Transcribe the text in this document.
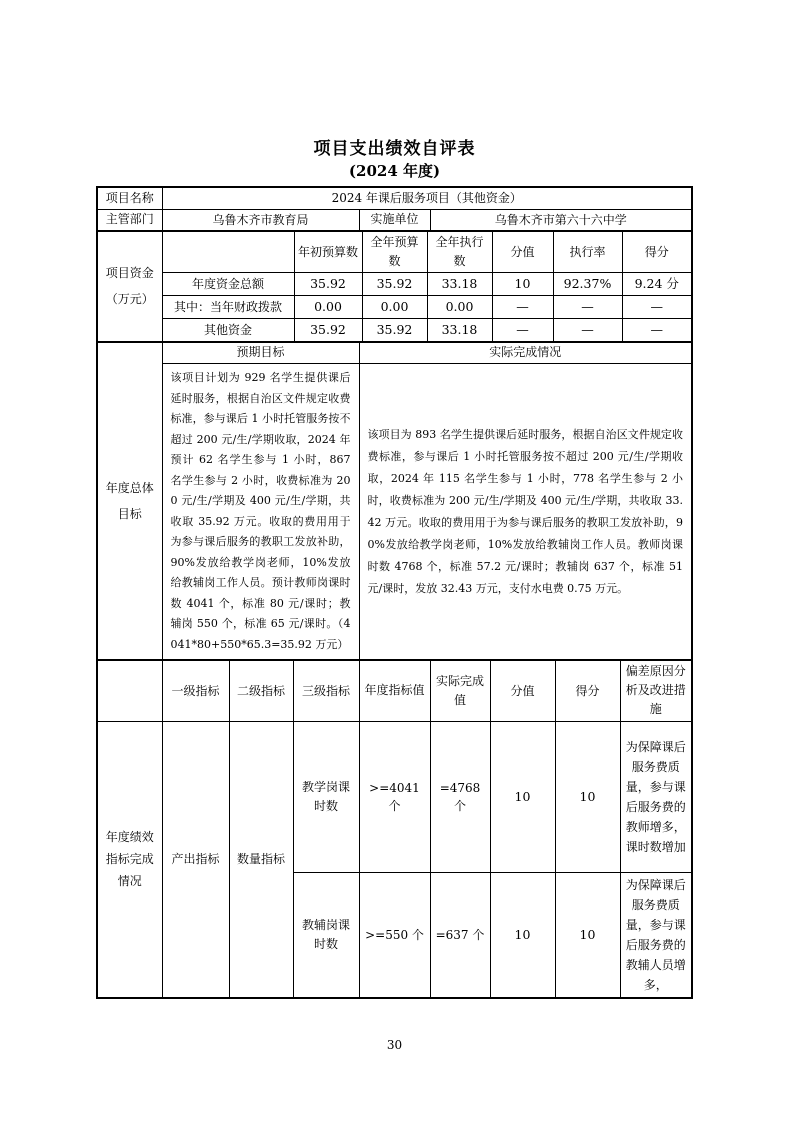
项目支出绩效自评表
(2024 年度)
项目名称	2024 年课后服务项目（其他资金）		
主管部门	乌鲁木齐市教育局	实施单位	乌鲁木齐市第六十六中学
项目资金（万元）		年初预算数	全年预算数	全年执行数	分值	执行率	得分
	年度资金总额	35.92	35.92	33.18	10	92.37%	9.24 分
	其中：当年财政拨款	0.00	0.00	0.00	—	—	—
	其他资金	35.92	35.92	33.18	—	—	—
年度总体目标	预期目标	实际完成情况
该项目计划为 929 名学生提供课后延时服务，根据自治区文件规定收费标准，参与课后 1 小时托管服务按不超过 200 元/生/学期收取，2024 年预计 62 名学生参与 1 小时，867 名学生参与 2 小时，收费标准为 200 元/生/学期及 400 元/生/学期，共收取 35.92 万元。收取的费用用于为参与课后服务的教职工发放补助，90%发放给教学岗老师，10%发放给教辅岗工作人员。预计教师岗课时数 4041 个，标准 80 元/课时；教辅岗 550 个，标准 65 元/课时。（4041*80+550*65.3=35.92 万元）	该项目为 893 名学生提供课后延时服务，根据自治区文件规定收费标准，参与课后 1 小时托管服务按不超过 200 元/生/学期收取，2024 年 115 名学生参与 1 小时，778 名学生参与 2 小时，收费标准为 200 元/生/学期及 400 元/生/学期，共收取 33.42 万元。收取的费用用于为参与课后服务的教职工发放补助，90%发放给教学岗老师，10%发放给教辅岗工作人员。教师岗课时数 4768 个，标准 57.2 元/课时；教辅岗 637 个，标准 51 元/课时，发放 32.43 万元，支付水电费 0.75 万元。
	一级指标	二级指标	三级指标	年度指标值	实际完成值	分值	得分	偏差原因分析及改进措施
年度绩效指标完成情况	产出指标	数量指标	教学岗课时数	>=4041 个	=4768 个	10	10	为保障课后服务费质量，参与课后服务费的教师增多，课时数增加
			教辅岗课时数	>=550 个	=637 个	10	10	为保障课后服务费质量，参与课后服务费的教辅人员增多，
30
